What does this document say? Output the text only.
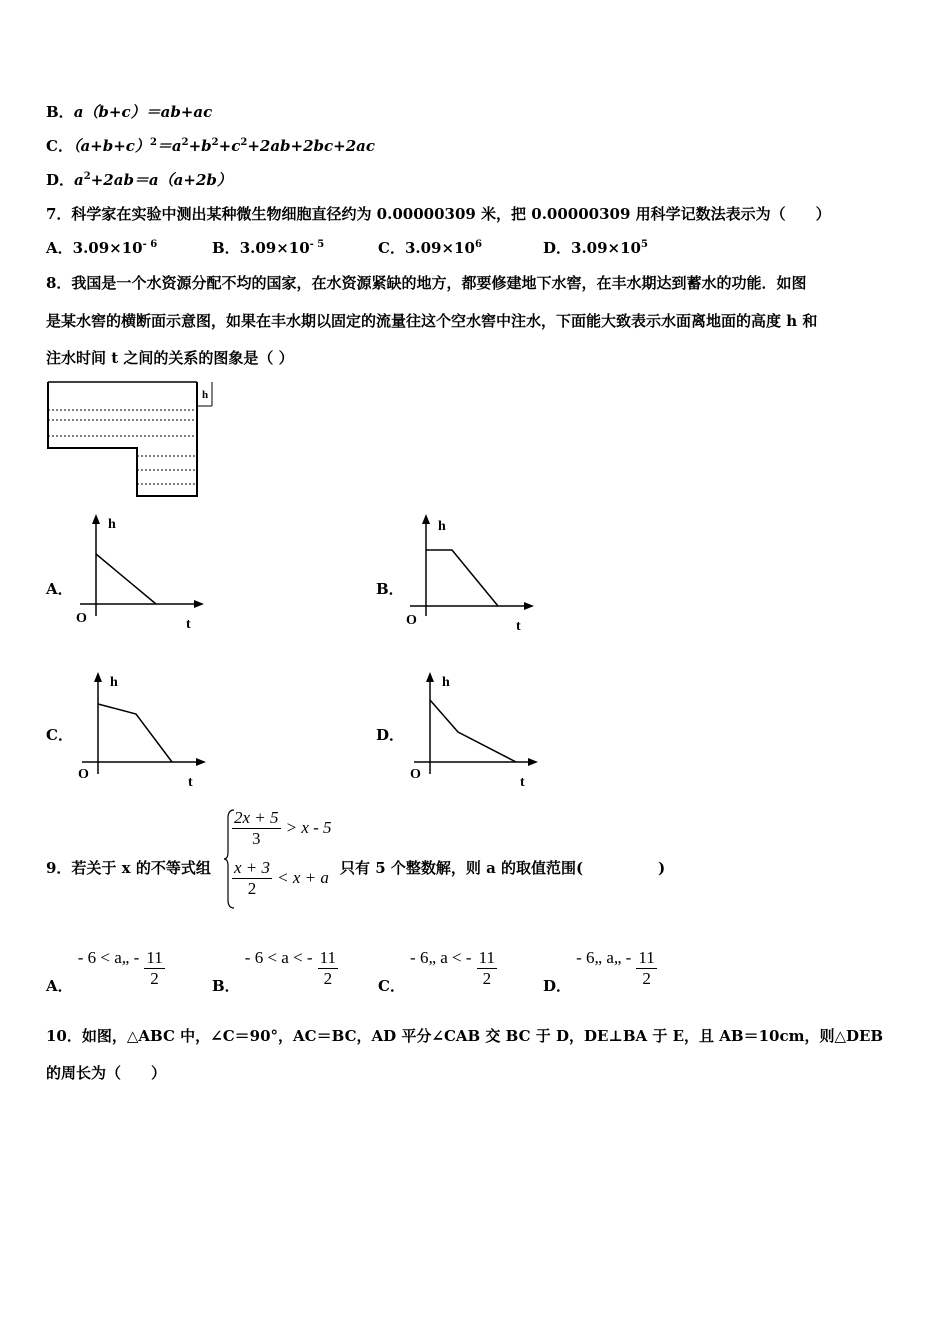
B．a（b+c）＝ab+ac
C．$(a+b+c)^2=a^2+b^2+c^2+2ab+2bc+2ac$
D．$a^2+2ab=a(a+2b)$
7．科学家在实验中测出某种微生物细胞直径约为 0.00000309 米，把 0.00000309 用科学记数法表示为（　　）
A．$3.09\times 10^{- 6}$	B．$3.09\times 10^{- 5}$	C．$3.09\times 10^6$	D．$3.09\times 10^5$
8．我国是一个水资源分配不均的国家，在水资源紧缺的地方，都要修建地下水窖，在丰水期达到蓄水的功能．如图
是某水窖的横断面示意图，如果在丰水期以固定的流量往这个空水窖中注水，下面能大致表示水面离地面的高度 h 和
注水时间 t 之间的关系的图象是（ ）
h
A．
h
t
O
B．
h
t
O
C．
h
t
O
D．
h
t
O
9．若关于 x 的不等式组
$\frac{2x + 5}{3} > x - 5$
$\frac{x + 3}{2} < x + a$ 只有 5 个整数解，则 a 的取值范围(　　　　　)
A． - 6 < a„ - $\frac{11}{2}$	B． - 6 < a < - $\frac{11}{2}$	C． - 6„ a < - $\frac{11}{2}$	D． - 6„ a„ - $\frac{11}{2}$
10．如图，△ABC 中，∠C＝90°，AC＝BC，AD 平分∠CAB 交 BC 于 D，DE⊥BA 于 E，且 AB＝10cm，则△DEB
的周长为（　　）
